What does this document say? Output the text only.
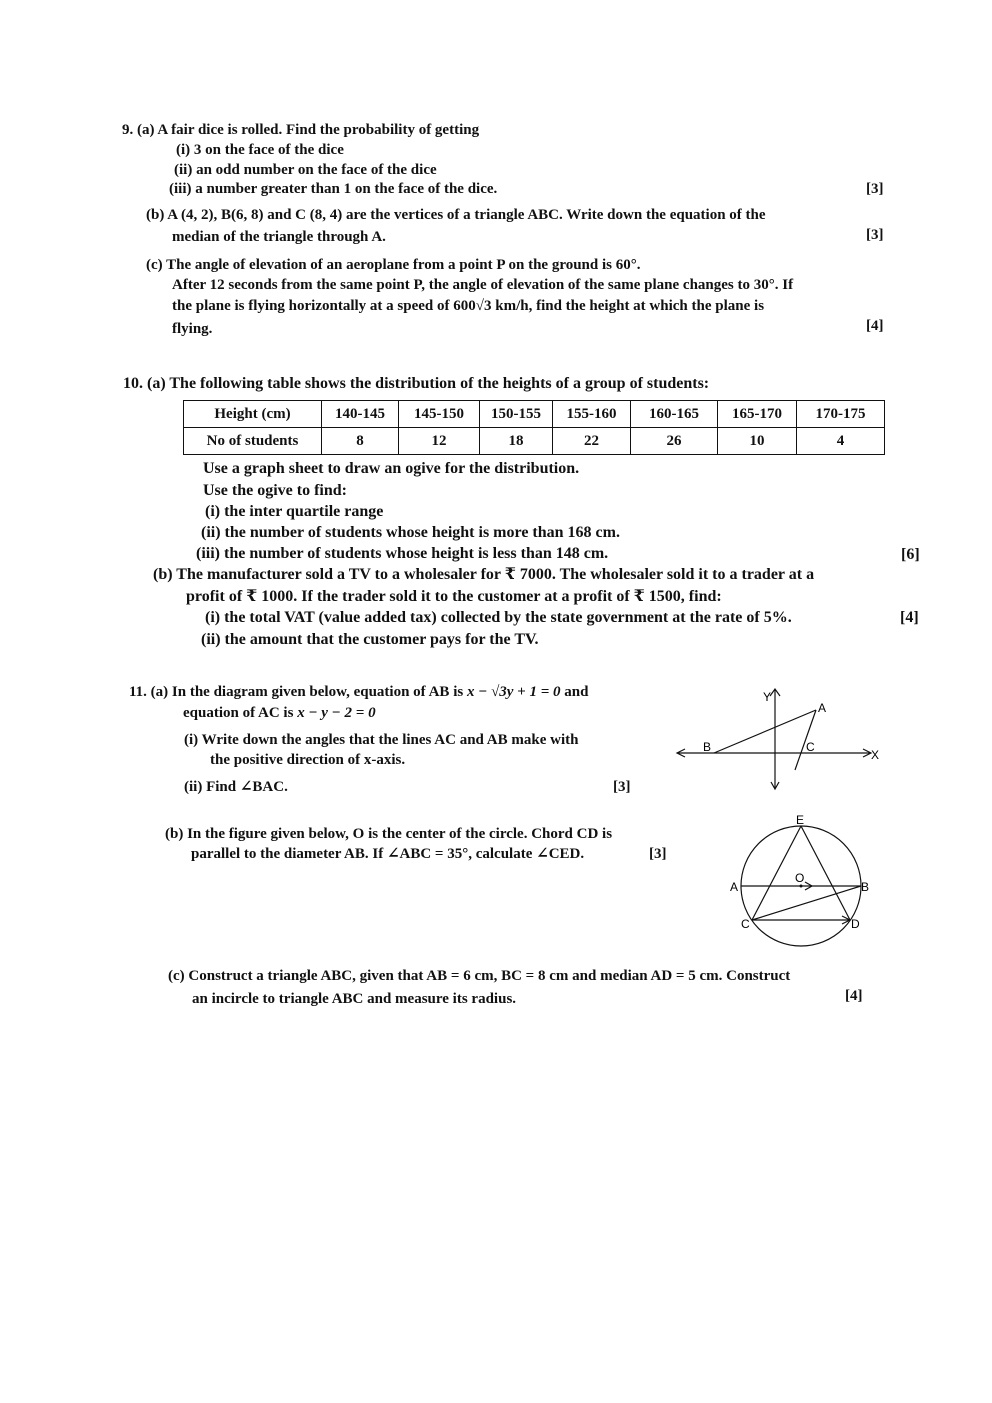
9. (a) A fair dice is rolled. Find the probability of getting
(i) 3 on the face of the dice
(ii) an odd number on the face of the dice
(iii) a number greater than 1 on the face of the dice.	[3]
(b) A (4, 2), B(6, 8) and C (8, 4) are the vertices of a triangle ABC. Write down the equation of the
median of the triangle through A.	[3]
(c) The angle of elevation of an aeroplane from a point P on the ground is 60°.
After 12 seconds from the same point P, the angle of elevation of the same plane changes to 30°. If
the plane is flying horizontally at a speed of 600√3 km/h, find the height at which the plane is
flying.	[4]
10. (a) The following table shows the distribution of the heights of a group of students:
Height (cm)	140-145	145-150	150-155	155-160	160-165	165-170	170-175
No of students	8	12	18	22	26	10	4
Use a graph sheet to draw an ogive for the distribution.
Use the ogive to find:
(i) the inter quartile range
(ii) the number of students whose height is more than 168 cm.
(iii) the number of students whose height is less than 148 cm.	[6]
(b) The manufacturer sold a TV to a wholesaler for ₹ 7000. The wholesaler sold it to a trader at a
profit of ₹ 1000. If the trader sold it to the customer at a profit of ₹ 1500, find:
(i) the total VAT (value added tax) collected by the state government at the rate of 5%.	[4]
(ii) the amount that the customer pays for the TV.
11. (a) In the diagram given below, equation of AB is x − √3y + 1 = 0 and
equation of AC is x − y − 2 = 0
(i) Write down the angles that the lines AC and AB make with
the positive direction of x-axis.
(ii) Find ∠BAC.	[3]
Y
X
A
B	C
(b) In the figure given below, O is the center of the circle. Chord CD is
parallel to the diameter AB. If ∠ABC = 35°, calculate ∠CED.	[3]
E
O
A	B
C	D
(c) Construct a triangle ABC, given that AB = 6 cm, BC = 8 cm and median AD = 5 cm. Construct
an incircle to triangle ABC and measure its radius.	[4]
